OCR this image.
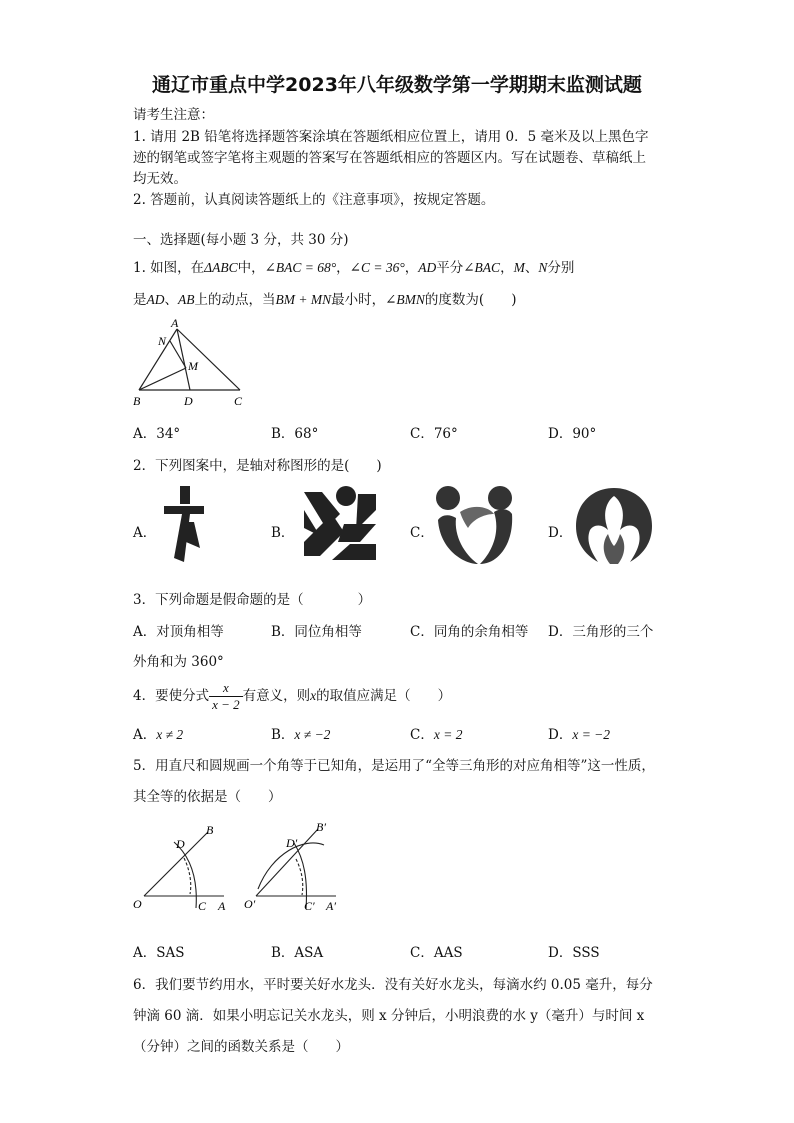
通辽市重点中学2023年八年级数学第一学期期末监测试题
请考生注意：
1. 请用 2B 铅笔将选择题答案涂填在答题纸相应位置上，请用 0．5 毫米及以上黑色字
迹的钢笔或签字笔将主观题的答案写在答题纸相应的答题区内。写在试题卷、草稿纸上
均无效。
2. 答题前，认真阅读答题纸上的《注意事项》，按规定答题。
一、选择题(每小题 3 分，共 30 分)
1. 如图，在ΔABC中，∠BAC = 68°，∠C = 36°，AD平分∠BAC，M、N分别
是AD、AB上的动点，当BM + MN最小时，∠BMN的度数为(　　)
A
N
M
B	D	C
A．34°	B．68°	C．76°	D．90°
2．下列图案中，是轴对称图形的是(　　)
A．	B．	C．	D．
3．下列命题是假命题的是（　　　　）
A．对顶角相等	B．同位角相等	C．同角的余角相等 D．三角形的三个
外角和为 360°
4．要使分式 $\frac{x}{x - 2}$ 有意义，则x的取值应满足（　　）
A．x ≠ 2	B．x ≠ −2	C．x = 2	D．x = −2
5．用直尺和圆规画一个角等于已知角，是运用了“全等三角形的对应角相等”这一性质，
其全等的依据是（　　）
O
D
B
C A O′
D′
B′
C′ A′
A．SAS	B．ASA	C．AAS	D．SSS
6．我们要节约用水，平时要关好水龙头．没有关好水龙头，每滴水约 0.05 毫升，每分
钟滴 60 滴．如果小明忘记关水龙头，则 x 分钟后，小明浪费的水 y（毫升）与时间 x
（分钟）之间的函数关系是（　　）
